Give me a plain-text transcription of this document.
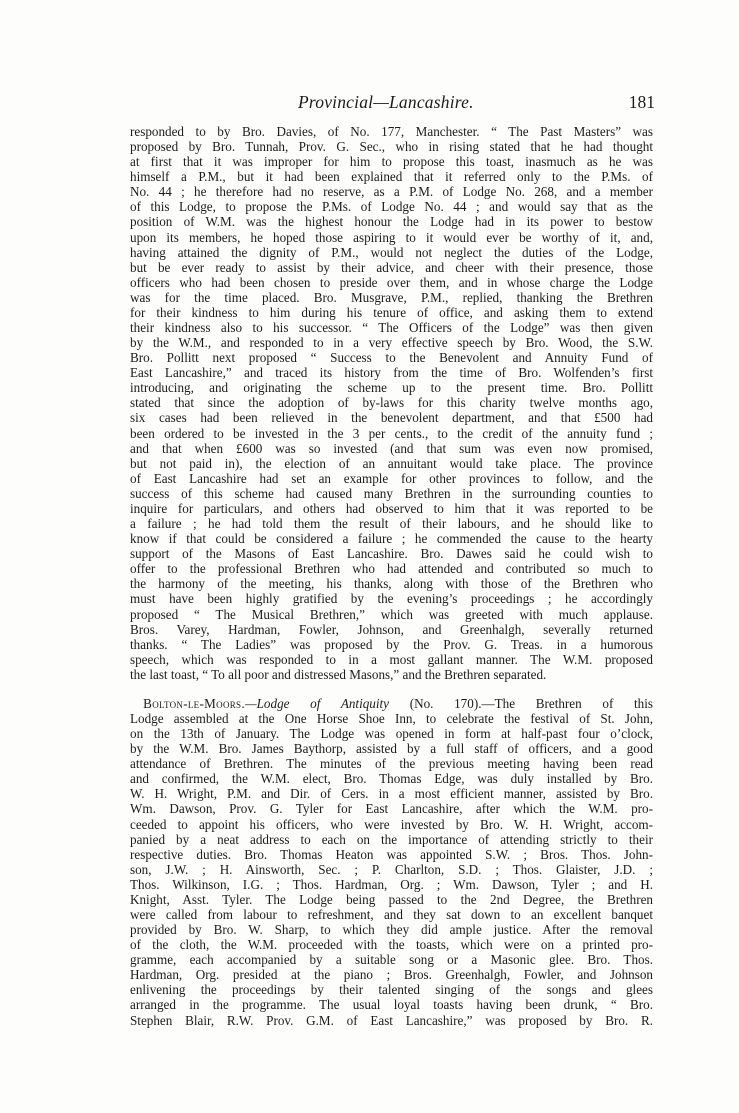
Provincial—Lancashire.	181

responded to by Bro. Davies, of No. 177, Manchester. “ The Past Masters” was
proposed by Bro. Tunnah, Prov. G. Sec., who in rising stated that he had thought
at first that it was improper for him to propose this toast, inasmuch as he was
himself a P.M., but it had been explained that it referred only to the P.Ms. of
No. 44 ; he therefore had no reserve, as a P.M. of Lodge No. 268, and a member
of this Lodge, to propose the P.Ms. of Lodge No. 44 ; and would say that as the
position of W.M. was the highest honour the Lodge had in its power to bestow
upon its members, he hoped those aspiring to it would ever be worthy of it, and,
having attained the dignity of P.M., would not neglect the duties of the Lodge,
but be ever ready to assist by their advice, and cheer with their presence, those
officers who had been chosen to preside over them, and in whose charge the Lodge
was for the time placed. Bro. Musgrave, P.M., replied, thanking the Brethren
for their kindness to him during his tenure of office, and asking them to extend
their kindness also to his successor. “ The Officers of the Lodge” was then given
by the W.M., and responded to in a very effective speech by Bro. Wood, the S.W.
Bro. Pollitt next proposed “ Success to the Benevolent and Annuity Fund of
East Lancashire,” and traced its history from the time of Bro. Wolfenden’s first
introducing, and originating the scheme up to the present time. Bro. Pollitt
stated that since the adoption of by-laws for this charity twelve months ago,
six cases had been relieved in the benevolent department, and that £500 had
been ordered to be invested in the 3 per cents., to the credit of the annuity fund ;
and that when £600 was so invested (and that sum was even now promised,
but not paid in), the election of an annuitant would take place. The province
of East Lancashire had set an example for other provinces to follow, and the
success of this scheme had caused many Brethren in the surrounding counties to
inquire for particulars, and others had observed to him that it was reported to be
a failure ; he had told them the result of their labours, and he should like to
know if that could be considered a failure ; he commended the cause to the hearty
support of the Masons of East Lancashire. Bro. Dawes said he could wish to
offer to the professional Brethren who had attended and contributed so much to
the harmony of the meeting, his thanks, along with those of the Brethren who
must have been highly gratified by the evening’s proceedings ; he accordingly
proposed “ The Musical Brethren,” which was greeted with much applause.
Bros. Varey, Hardman, Fowler, Johnson, and Greenhalgh, severally returned
thanks. “ The Ladies” was proposed by the Prov. G. Treas. in a humorous
speech, which was responded to in a most gallant manner. The W.M. proposed
the last toast, “ To all poor and distressed Masons,” and the Brethren separated.

 Bolton-le-Moors.—Lodge of Antiquity (No. 170).—The Brethren of this
Lodge assembled at the One Horse Shoe Inn, to celebrate the festival of St. John,
on the 13th of January. The Lodge was opened in form at half-past four o’clock,
by the W.M. Bro. James Baythorp, assisted by a full staff of officers, and a good
attendance of Brethren. The minutes of the previous meeting having been read
and confirmed, the W.M. elect, Bro. Thomas Edge, was duly installed by Bro.
W. H. Wright, P.M. and Dir. of Cers. in a most efficient manner, assisted by Bro.
Wm. Dawson, Prov. G. Tyler for East Lancashire, after which the W.M. pro-
ceeded to appoint his officers, who were invested by Bro. W. H. Wright, accom-
panied by a neat address to each on the importance of attending strictly to their
respective duties. Bro. Thomas Heaton was appointed S.W. ; Bros. Thos. John-
son, J.W. ; H. Ainsworth, Sec. ; P. Charlton, S.D. ; Thos. Glaister, J.D. ;
Thos. Wilkinson, I.G. ; Thos. Hardman, Org. ; Wm. Dawson, Tyler ; and H.
Knight, Asst. Tyler. The Lodge being passed to the 2nd Degree, the Brethren
were called from labour to refreshment, and they sat down to an excellent banquet
provided by Bro. W. Sharp, to which they did ample justice. After the removal
of the cloth, the W.M. proceeded with the toasts, which were on a printed pro-
gramme, each accompanied by a suitable song or a Masonic glee. Bro. Thos.
Hardman, Org. presided at the piano ; Bros. Greenhalgh, Fowler, and Johnson
enlivening the proceedings by their talented singing of the songs and glees
arranged in the programme. The usual loyal toasts having been drunk, “ Bro.
Stephen Blair, R.W. Prov. G.M. of East Lancashire,” was proposed by Bro. R.
